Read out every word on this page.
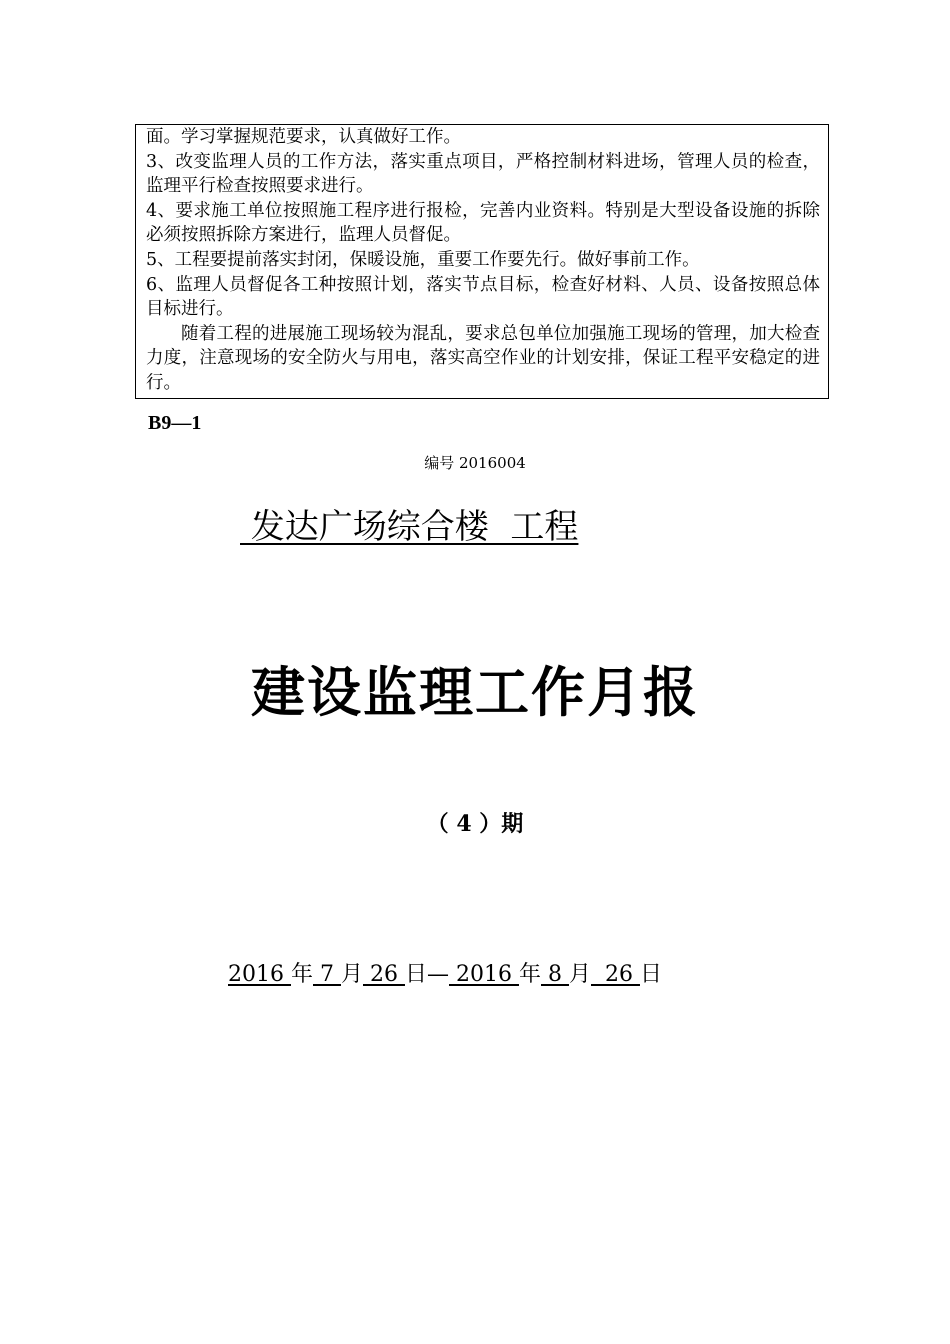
面。学习掌握规范要求，认真做好工作。

3、改变监理人员的工作方法，落实重点项目，严格控制材料进场，管理人员的检查，监理平行检查按照要求进行。

4、要求施工单位按照施工程序进行报检，完善内业资料。特别是大型设备设施的拆除必须按照拆除方案进行，监理人员督促。

5、工程要提前落实封闭，保暖设施，重要工作要先行。做好事前工作。

6、监理人员督促各工种按照计划，落实节点目标，检查好材料、人员、设备按照总体目标进行。

随着工程的进展施工现场较为混乱，要求总包单位加强施工现场的管理，加大检查力度，注意现场的安全防火与用电，落实高空作业的计划安排，保证工程平安稳定的进行。

B9—1
编号 2016004
发达广场综合楼  工程
建设监理工作月报
（ 4 ）期
2016 年 7 月 26 日— 2016 年 8 月  26 日
